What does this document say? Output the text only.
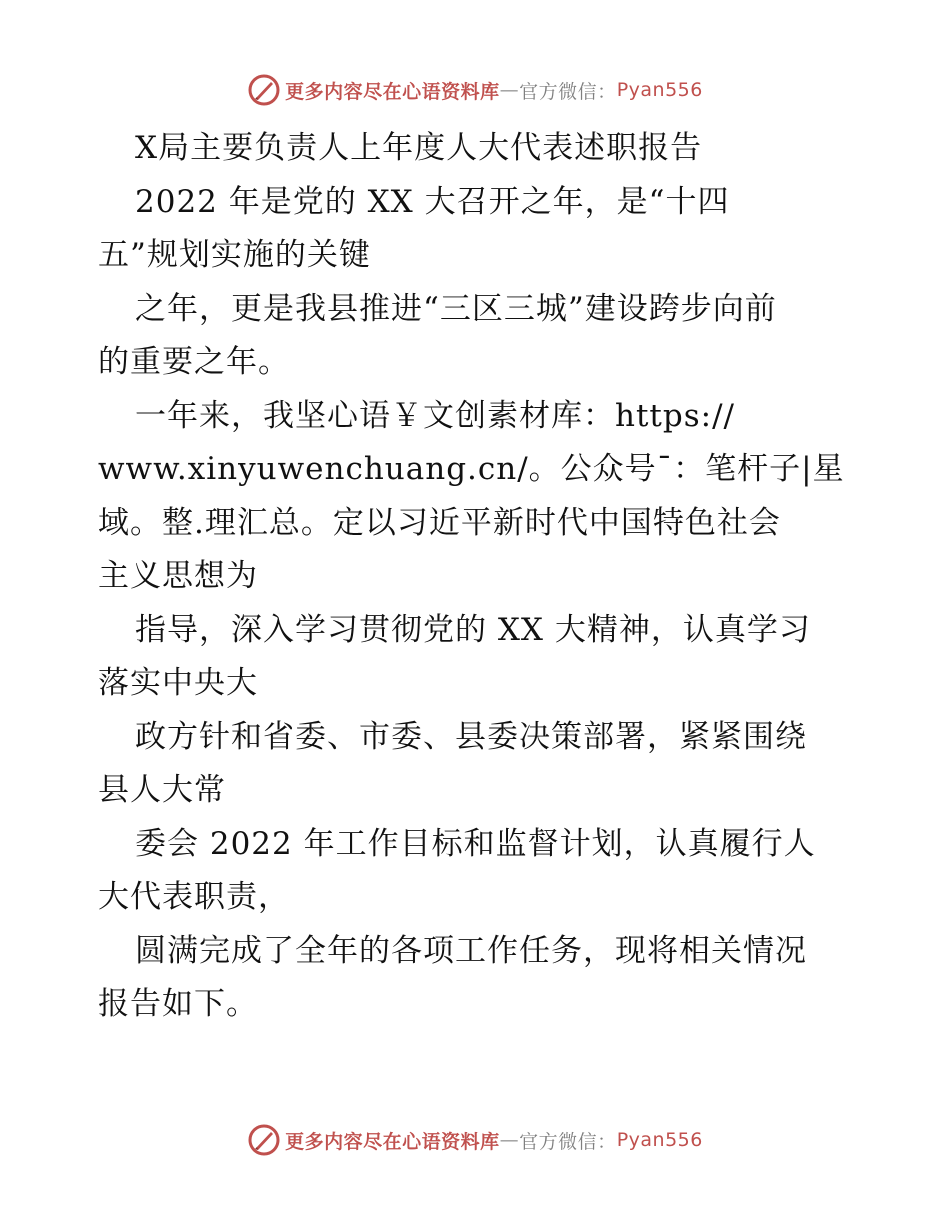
更多内容尽在心语资料库 — 官方微信： Pyan556
X局主要负责人上年度人大代表述职报告
2022 年是党的 XX 大召开之年，是“十四
五”规划实施的关键
之年，更是我县推进“三区三城”建设跨步向前
的重要之年。
一年来，我坚心语￥文创素材库：https://
www.xinyuwenchuang.cn/。公众号¯：笔杆子|星
域。整.理汇总。定以习近平新时代中国特色社会
主义思想为
指导，深入学习贯彻党的 XX 大精神，认真学习
落实中央大
政方针和省委、市委、县委决策部署，紧紧围绕
县人大常
委会 2022 年工作目标和监督计划，认真履行人
大代表职责，
圆满完成了全年的各项工作任务，现将相关情况
报告如下。
更多内容尽在心语资料库 — 官方微信： Pyan556
